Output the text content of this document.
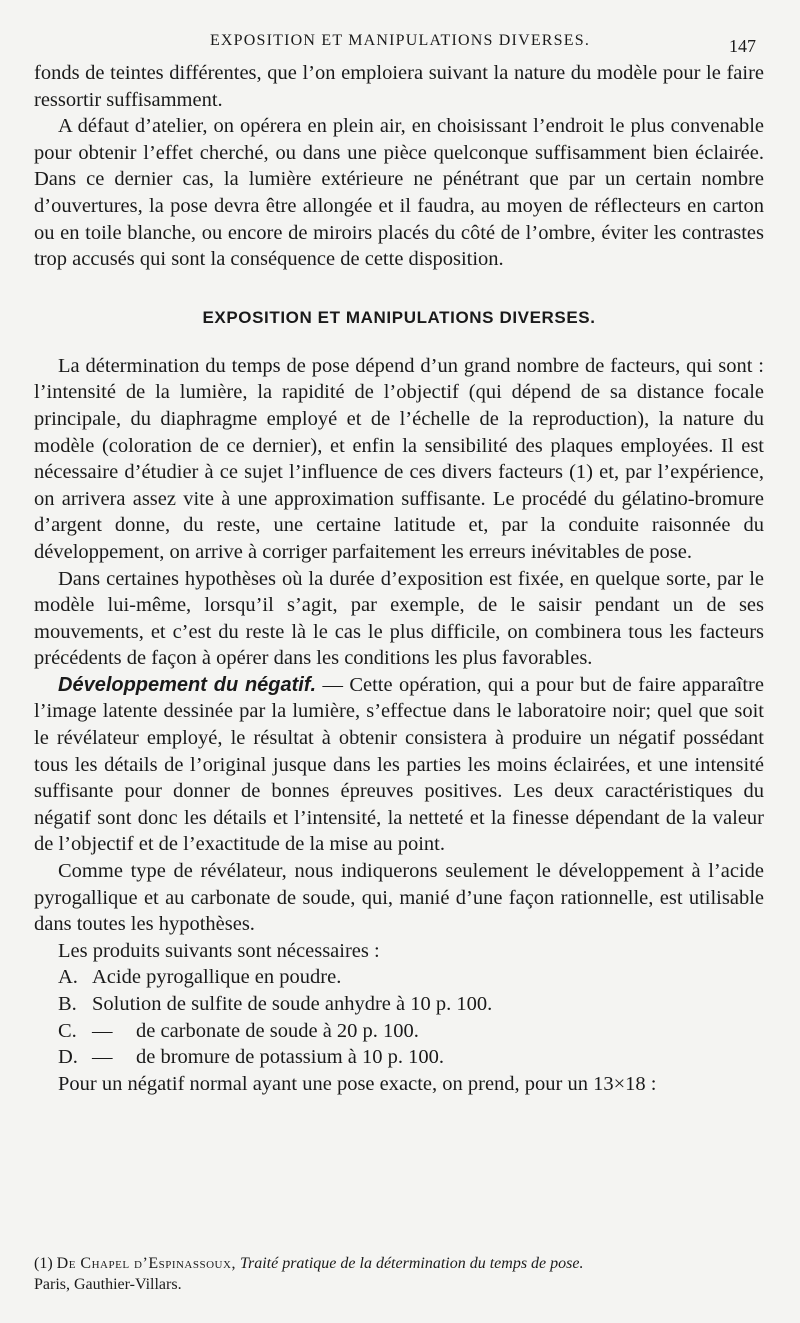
EXPOSITION ET MANIPULATIONS DIVERSES.	147

fonds de teintes différentes, que l’on emploiera suivant la nature du modèle pour le faire ressortir suffisamment.

A défaut d’atelier, on opérera en plein air, en choisissant l’endroit le plus convenable pour obtenir l’effet cherché, ou dans une pièce quelconque suffisamment bien éclairée. Dans ce dernier cas, la lumière extérieure ne pénétrant que par un certain nombre d’ouvertures, la pose devra être allongée et il faudra, au moyen de réflecteurs en carton ou en toile blanche, ou encore de miroirs placés du côté de l’ombre, éviter les contrastes trop accusés qui sont la conséquence de cette disposition.

EXPOSITION ET MANIPULATIONS DIVERSES.

La détermination du temps de pose dépend d’un grand nombre de facteurs, qui sont : l’intensité de la lumière, la rapidité de l’objectif (qui dépend de sa distance focale principale, du diaphragme employé et de l’échelle de la reproduction), la nature du modèle (coloration de ce dernier), et enfin la sensibilité des plaques employées. Il est nécessaire d’étudier à ce sujet l’influence de ces divers facteurs (1) et, par l’expérience, on arrivera assez vite à une approximation suffisante. Le procédé du gélatino-bromure d’argent donne, du reste, une certaine latitude et, par la conduite raisonnée du développement, on arrive à corriger parfaitement les erreurs inévitables de pose.

Dans certaines hypothèses où la durée d’exposition est fixée, en quelque sorte, par le modèle lui-même, lorsqu’il s’agit, par exemple, de le saisir pendant un de ses mouvements, et c’est du reste là le cas le plus difficile, on combinera tous les facteurs précédents de façon à opérer dans les conditions les plus favorables.

Développement du négatif. — Cette opération, qui a pour but de faire apparaître l’image latente dessinée par la lumière, s’effectue dans le laboratoire noir; quel que soit le révélateur employé, le résultat à obtenir consistera à produire un négatif possédant tous les détails de l’original jusque dans les parties les moins éclairées, et une intensité suffisante pour donner de bonnes épreuves positives. Les deux caractéristiques du négatif sont donc les détails et l’intensité, la netteté et la finesse dépendant de la valeur de l’objectif et de l’exactitude de la mise au point.

Comme type de révélateur, nous indiquerons seulement le développement à l’acide pyrogallique et au carbonate de soude, qui, manié d’une façon rationnelle, est utilisable dans toutes les hypothèses.

Les produits suivants sont nécessaires :

A. Acide pyrogallique en poudre.
B. Solution de sulfite de soude anhydre à 10 p. 100.
C. —	de carbonate de soude à 20 p. 100.
D. —	de bromure de potassium à 10 p. 100.

Pour un négatif normal ayant une pose exacte, on prend, pour un 13×18 :

(1) De Chapel d’Espinassoux, Traité pratique de la détermination du temps de pose.
Paris, Gauthier-Villars.
